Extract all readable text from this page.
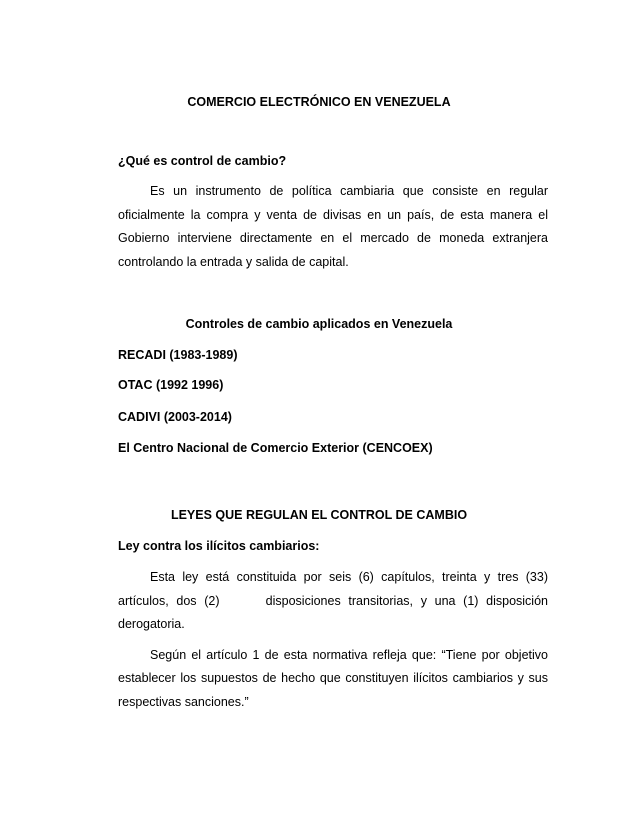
COMERCIO ELECTRÓNICO EN VENEZUELA
¿Qué es control de cambio?
Es un instrumento de política cambiaria que consiste en regular
oficialmente la compra y venta de divisas en un país, de esta manera el
Gobierno interviene directamente en el mercado de moneda extranjera
controlando la entrada y salida de capital.
Controles de cambio aplicados en Venezuela
RECADI (1983-1989)
OTAC (1992 1996)
CADIVI (2003-2014)
El Centro Nacional de Comercio Exterior (CENCOEX)
LEYES QUE REGULAN EL CONTROL DE CAMBIO
Ley contra los ilícitos cambiarios:
Esta ley está constituida por seis (6) capítulos, treinta y tres (33)
artículos, dos (2)      disposiciones transitorias, y una (1) disposición
derogatoria.
Según el artículo 1 de esta normativa refleja que: “Tiene por objetivo
establecer los supuestos de hecho que constituyen ilícitos cambiarios y sus
respectivas sanciones.”
